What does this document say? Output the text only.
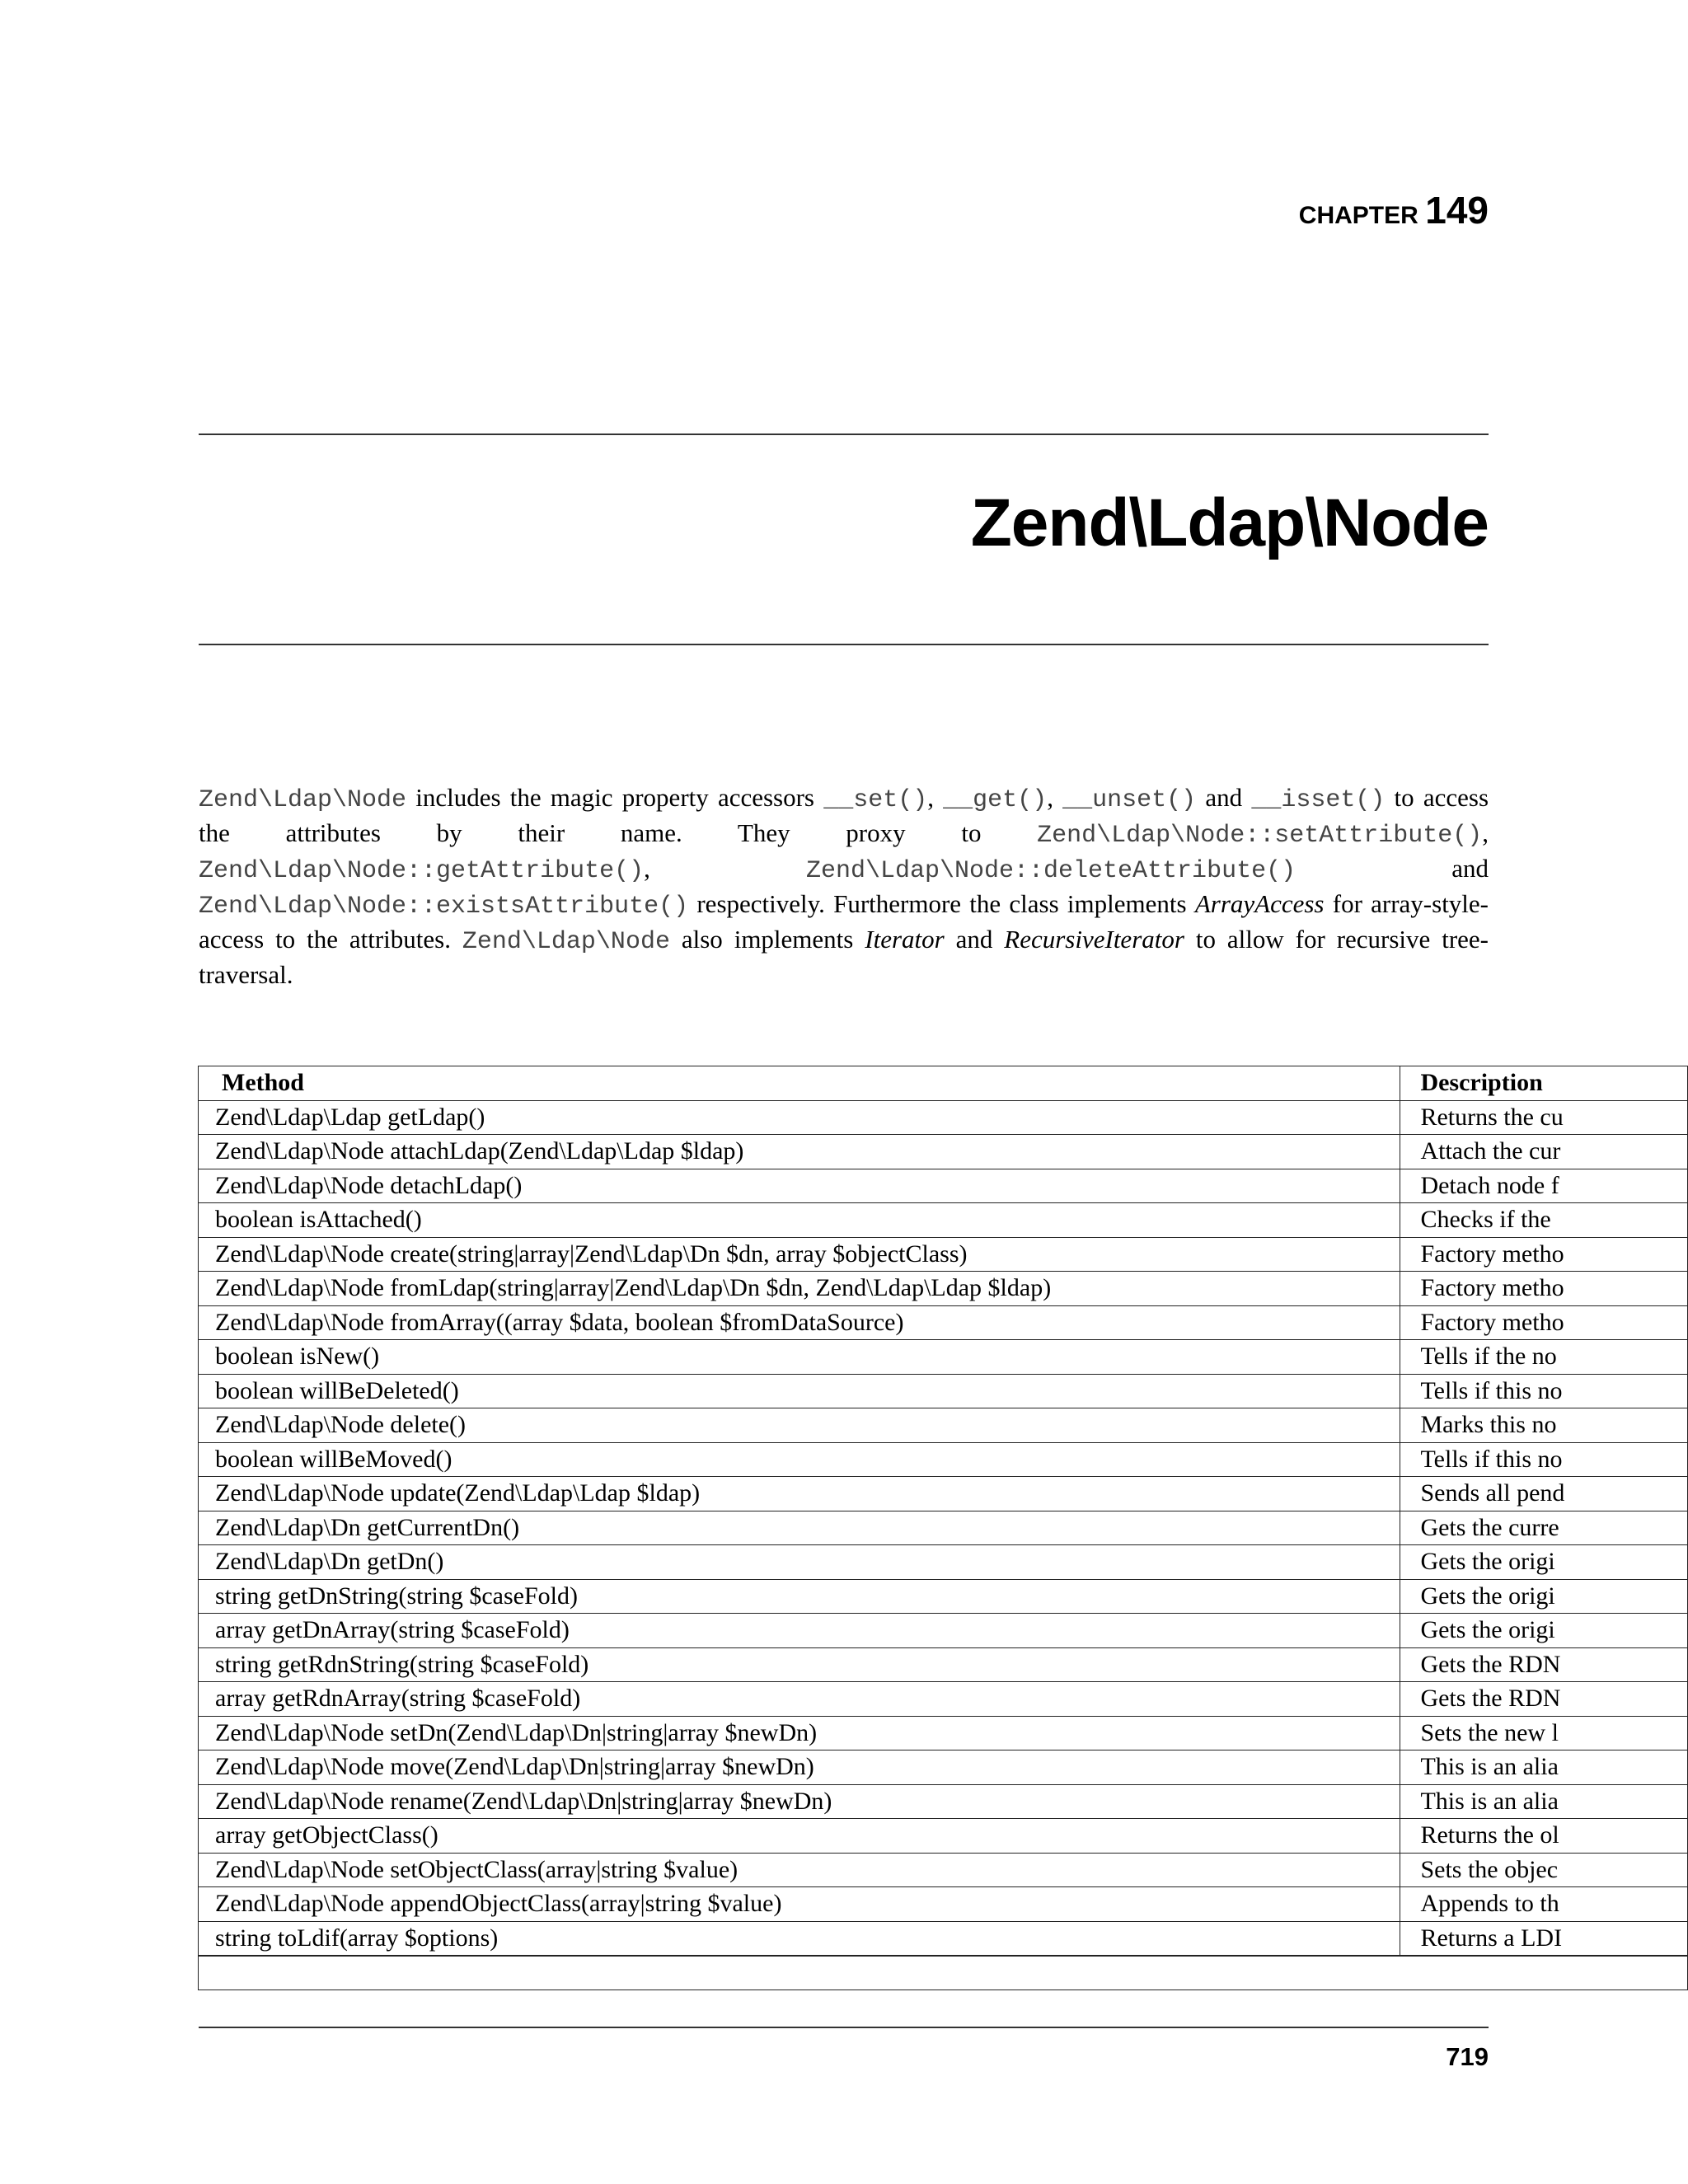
CHAPTER 149
Zend\Ldap\Node

Zend\Ldap\Node includes the magic property accessors __set(), __get(), __unset() and __isset() to access the attributes by their name. They proxy to Zend\Ldap\Node::setAttribute(), Zend\Ldap\Node::getAttribute(), Zend\Ldap\Node::deleteAttribute() and Zend\Ldap\Node::existsAttribute() respectively. Furthermore the class implements ArrayAccess for array-style-access to the attributes. Zend\Ldap\Node also implements Iterator and RecursiveIterator to allow for recursive tree-traversal.

Method	Description
Zend\Ldap\Ldap getLdap()	Returns the cu
Zend\Ldap\Node attachLdap(Zend\Ldap\Ldap $ldap)	Attach the cur
Zend\Ldap\Node detachLdap()	Detach node f
boolean isAttached()	Checks if the
Zend\Ldap\Node create(string|array|Zend\Ldap\Dn $dn, array $objectClass)	Factory metho
Zend\Ldap\Node fromLdap(string|array|Zend\Ldap\Dn $dn, Zend\Ldap\Ldap $ldap)	Factory metho
Zend\Ldap\Node fromArray((array $data, boolean $fromDataSource)	Factory metho
boolean isNew()	Tells if the no
boolean willBeDeleted()	Tells if this no
Zend\Ldap\Node delete()	Marks this no
boolean willBeMoved()	Tells if this no
Zend\Ldap\Node update(Zend\Ldap\Ldap $ldap)	Sends all pend
Zend\Ldap\Dn getCurrentDn()	Gets the curre
Zend\Ldap\Dn getDn()	Gets the origi
string getDnString(string $caseFold)	Gets the origi
array getDnArray(string $caseFold)	Gets the origi
string getRdnString(string $caseFold)	Gets the RDN
array getRdnArray(string $caseFold)	Gets the RDN
Zend\Ldap\Node setDn(Zend\Ldap\Dn|string|array $newDn)	Sets the new l
Zend\Ldap\Node move(Zend\Ldap\Dn|string|array $newDn)	This is an alia
Zend\Ldap\Node rename(Zend\Ldap\Dn|string|array $newDn)	This is an alia
array getObjectClass()	Returns the ol
Zend\Ldap\Node setObjectClass(array|string $value)	Sets the objec
Zend\Ldap\Node appendObjectClass(array|string $value)	Appends to th
string toLdif(array $options)	Returns a LDI

719
